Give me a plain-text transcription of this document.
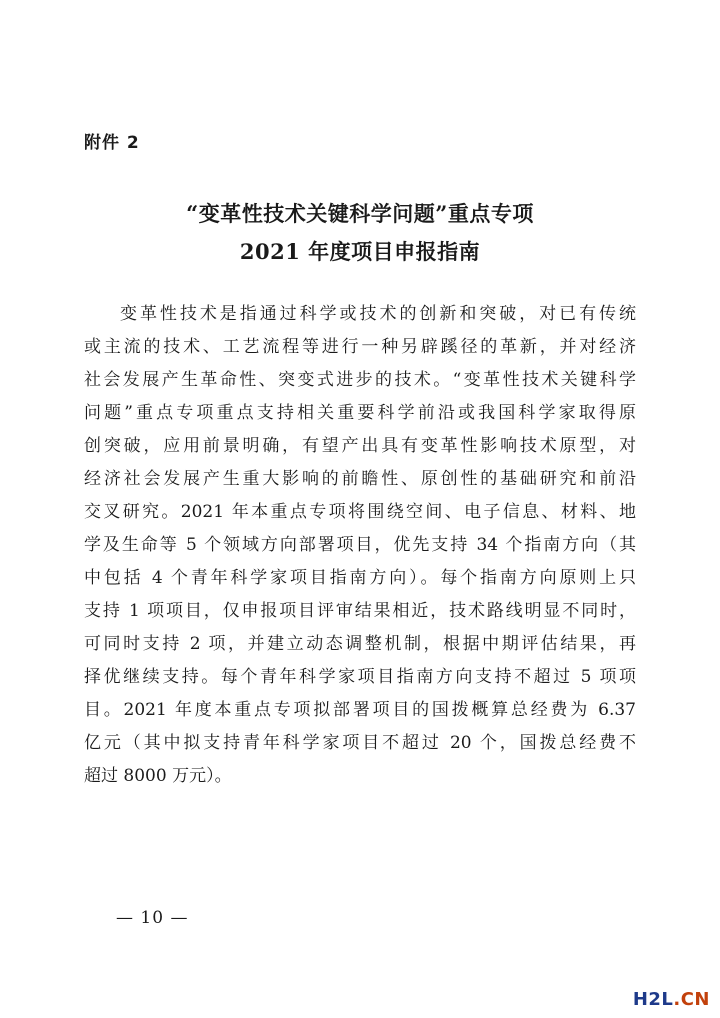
附件 2
“变革性技术关键科学问题”重点专项
2021 年度项目申报指南
变革性技术是指通过科学或技术的创新和突破，对已有传统
或主流的技术、工艺流程等进行一种另辟蹊径的革新，并对经济
社会发展产生革命性、突变式进步的技术。“变革性技术关键科学
问题”重点专项重点支持相关重要科学前沿或我国科学家取得原
创突破，应用前景明确，有望产出具有变革性影响技术原型，对
经济社会发展产生重大影响的前瞻性、原创性的基础研究和前沿
交叉研究。2021 年本重点专项将围绕空间、电子信息、材料、地
学及生命等 5 个领域方向部署项目，优先支持 34 个指南方向（其
中包括 4 个青年科学家项目指南方向）。每个指南方向原则上只
支持 1 项项目，仅申报项目评审结果相近，技术路线明显不同时，
可同时支持 2 项，并建立动态调整机制，根据中期评估结果，再
择优继续支持。每个青年科学家项目指南方向支持不超过 5 项项
目。2021 年度本重点专项拟部署项目的国拨概算总经费为 6.37
亿元（其中拟支持青年科学家项目不超过 20 个，国拨总经费不
超过 8000 万元）。
— 10 —
H2L.CN
